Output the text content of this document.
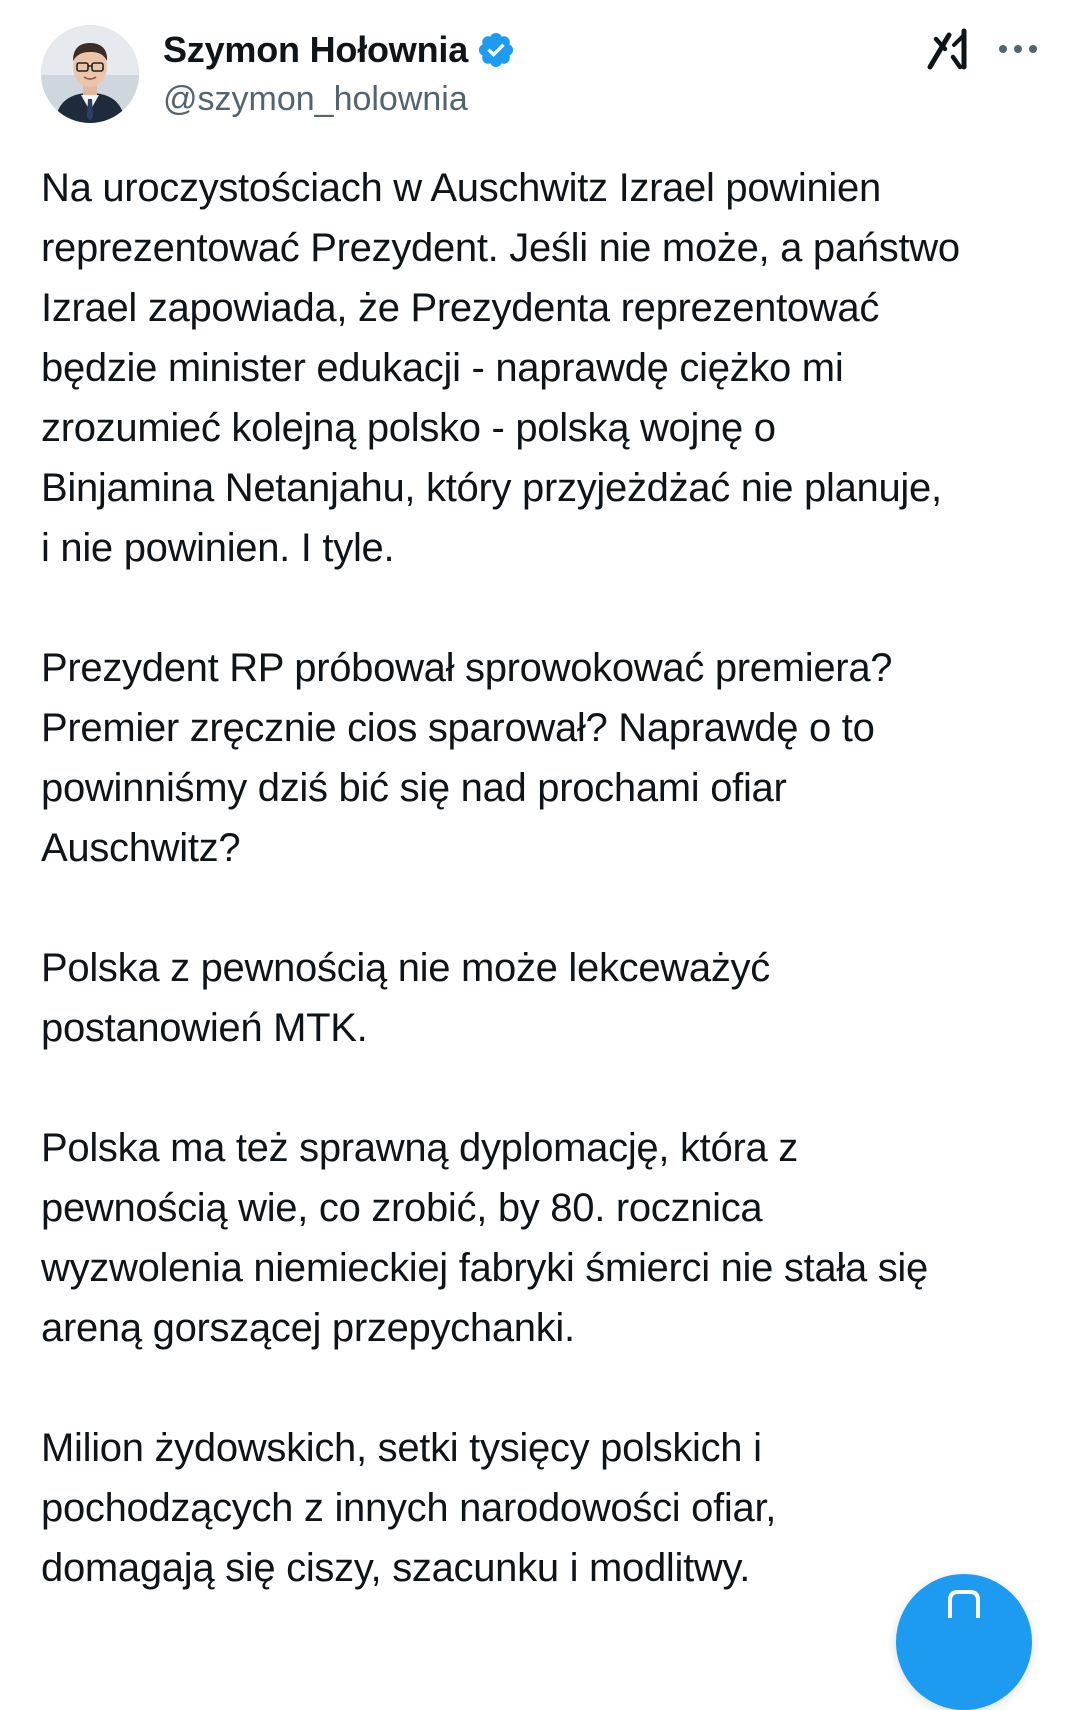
Szymon Hołownia
@szymon_holownia

Na uroczystościach w Auschwitz Izrael powinien
reprezentować Prezydent. Jeśli nie może, a państwo
Izrael zapowiada, że Prezydenta reprezentować
będzie minister edukacji - naprawdę ciężko mi
zrozumieć kolejną polsko - polską wojnę o
Binjamina Netanjahu, który przyjeżdżać nie planuje,
i nie powinien. I tyle.

Prezydent RP próbował sprowokować premiera?
Premier zręcznie cios sparował? Naprawdę o to
powinniśmy dziś bić się nad prochami ofiar
Auschwitz?

Polska z pewnością nie może lekceważyć
postanowień MTK.

Polska ma też sprawną dyplomację, która z
pewnością wie, co zrobić, by 80. rocznica
wyzwolenia niemieckiej fabryki śmierci nie stała się
areną gorszącej przepychanki.

Milion żydowskich, setki tysięcy polskich i
pochodzących z innych narodowości ofiar,
domagają się ciszy, szacunku i modlitwy.
